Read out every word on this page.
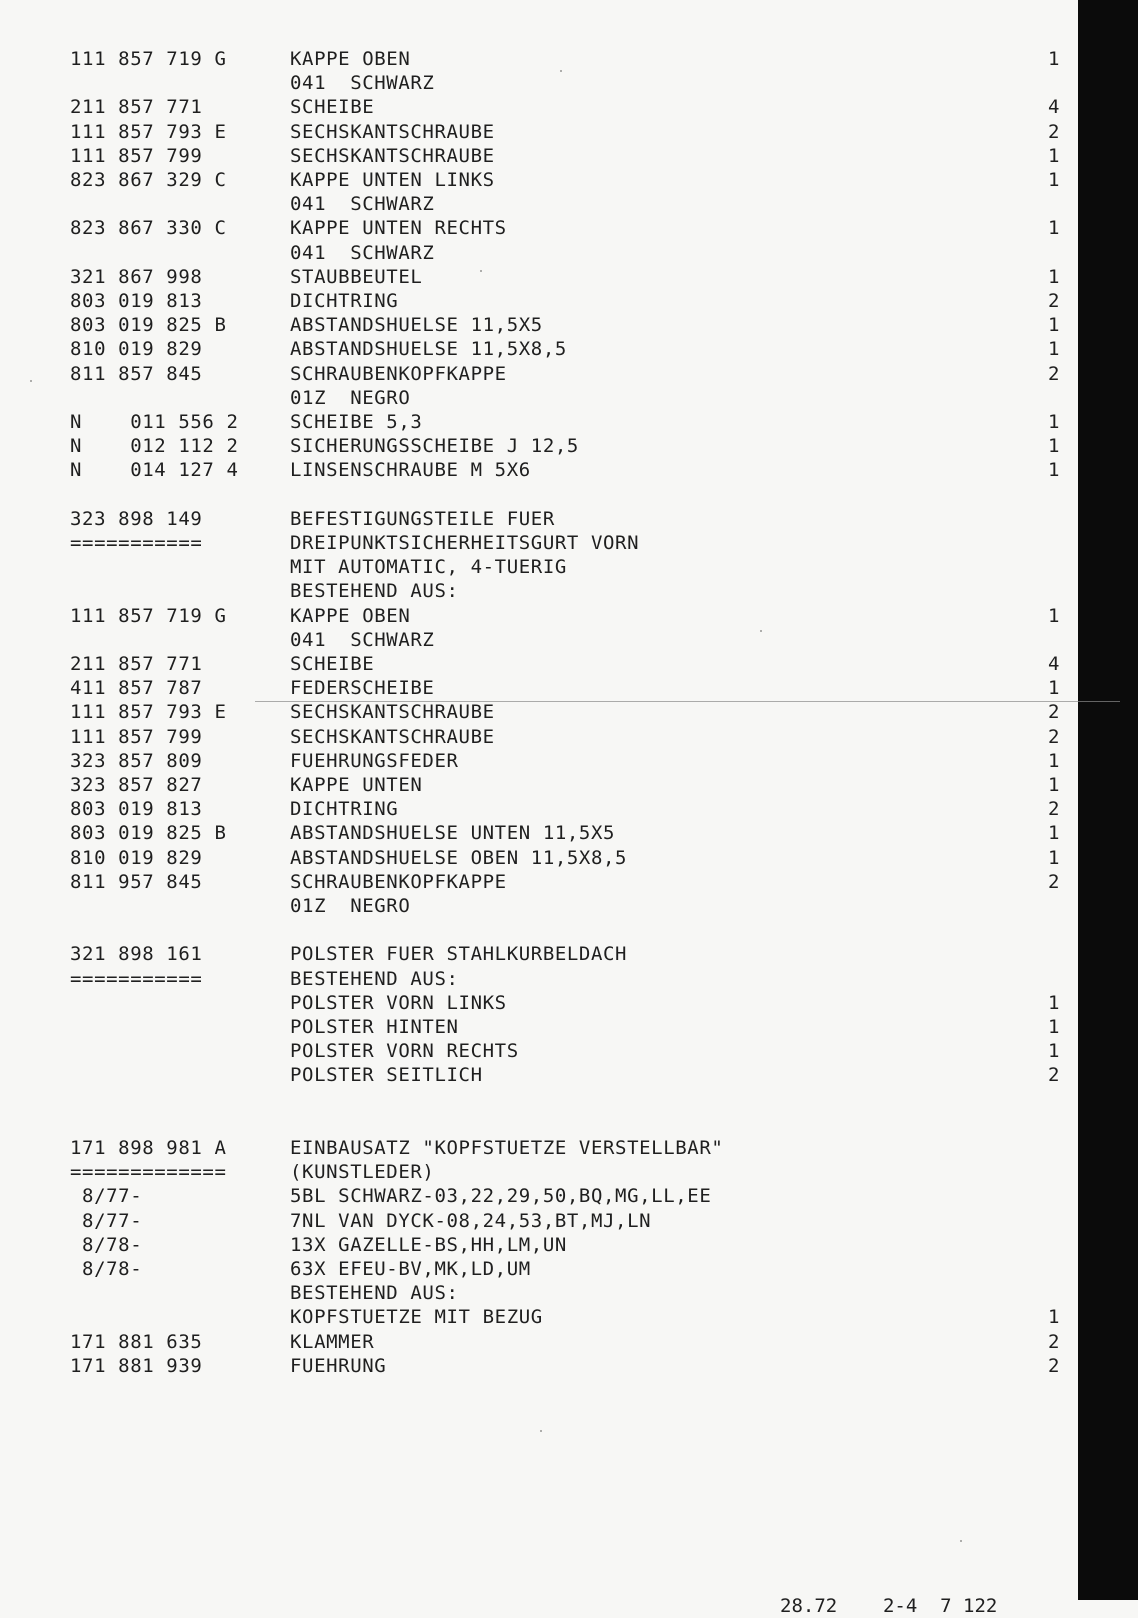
111 857 719 G	KAPPE OBEN	1
041  SCHWARZ
211 857 771	SCHEIBE	4
111 857 793 E	SECHSKANTSCHRAUBE	2
111 857 799	SECHSKANTSCHRAUBE	1
823 867 329 C	KAPPE UNTEN LINKS	1
041  SCHWARZ
823 867 330 C	KAPPE UNTEN RECHTS	1
041  SCHWARZ
321 867 998	STAUBBEUTEL	1
803 019 813	DICHTRING	2
803 019 825 B	ABSTANDSHUELSE 11,5X5	1
810 019 829	ABSTANDSHUELSE 11,5X8,5	1
811 857 845	SCHRAUBENKOPFKAPPE	2
01Z  NEGRO
N    011 556 2	SCHEIBE 5,3	1
N    012 112 2	SICHERUNGSSCHEIBE J 12,5	1
N    014 127 4	LINSENSCHRAUBE M 5X6	1
323 898 149	BEFESTIGUNGSTEILE FUER
===========	DREIPUNKTSICHERHEITSGURT VORN
MIT AUTOMATIC, 4-TUERIG
BESTEHEND AUS:
111 857 719 G	KAPPE OBEN	1
041  SCHWARZ
211 857 771	SCHEIBE	4
411 857 787	FEDERSCHEIBE	1
111 857 793 E	SECHSKANTSCHRAUBE	2
111 857 799	SECHSKANTSCHRAUBE	2
323 857 809	FUEHRUNGSFEDER	1
323 857 827	KAPPE UNTEN	1
803 019 813	DICHTRING	2
803 019 825 B	ABSTANDSHUELSE UNTEN 11,5X5	1
810 019 829	ABSTANDSHUELSE OBEN 11,5X8,5	1
811 957 845	SCHRAUBENKOPFKAPPE	2
01Z  NEGRO
321 898 161	POLSTER FUER STAHLKURBELDACH
===========	BESTEHEND AUS:
POLSTER VORN LINKS	1
POLSTER HINTEN	1
POLSTER VORN RECHTS	1
POLSTER SEITLICH	2
171 898 981 A	EINBAUSATZ "KOPFSTUETZE VERSTELLBAR"
=============	(KUNSTLEDER)
8/77-	5BL SCHWARZ-03,22,29,50,BQ,MG,LL,EE
8/77-	7NL VAN DYCK-08,24,53,BT,MJ,LN
8/78-	13X GAZELLE-BS,HH,LM,UN
8/78-	63X EFEU-BV,MK,LD,UM
BESTEHEND AUS:
KOPFSTUETZE MIT BEZUG	1
171 881 635	KLAMMER	2
171 881 939	FUEHRUNG	2
28.72    2-4  7 122
